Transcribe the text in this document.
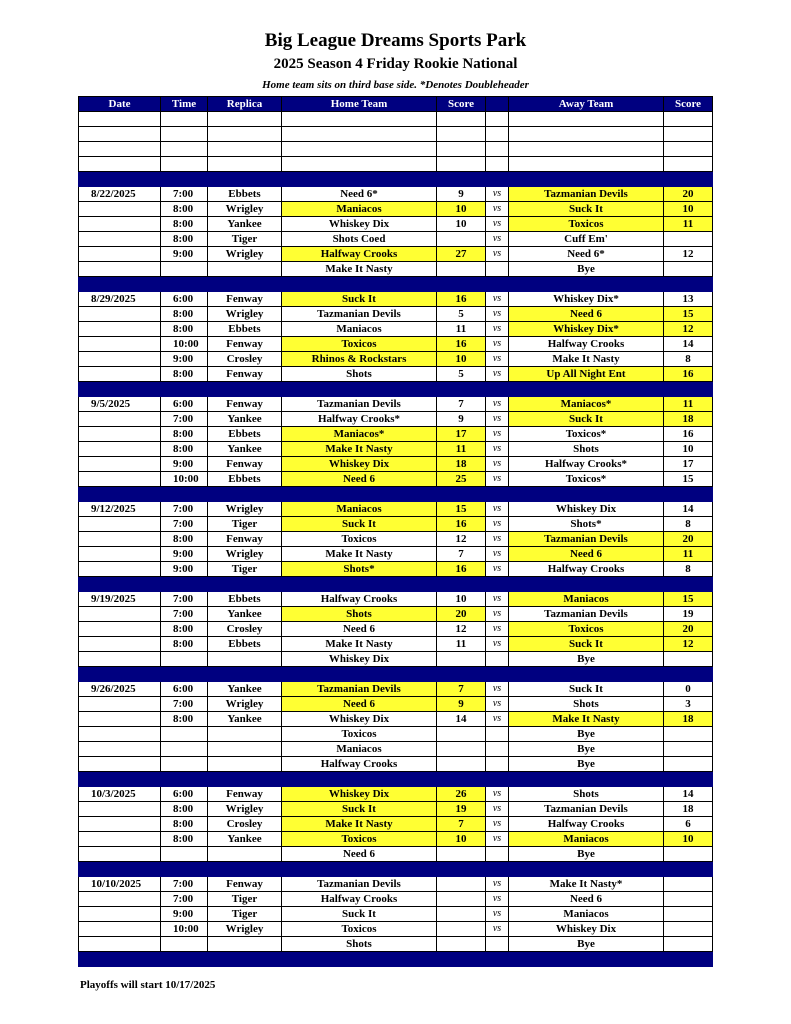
Big League Dreams Sports Park
2025 Season 4 Friday Rookie National
Home team sits on third base side. *Denotes Doubleheader
Date	Time	Replica	Home Team	Score		Away Team	Score

8/22/2025	7:00	Ebbets	Need 6*	9	vs	Tazmanian Devils	20
	8:00	Wrigley	Maniacos	10	vs	Suck It	10
	8:00	Yankee	Whiskey Dix	10	vs	Toxicos	11
	8:00	Tiger	Shots Coed		vs	Cuff Em'	
	9:00	Wrigley	Halfway Crooks	27	vs	Need 6*	12
			Make It Nasty			Bye	

8/29/2025	6:00	Fenway	Suck It	16	vs	Whiskey Dix*	13
	8:00	Wrigley	Tazmanian Devils	5	vs	Need 6	15
	8:00	Ebbets	Maniacos	11	vs	Whiskey Dix*	12
	10:00	Fenway	Toxicos	16	vs	Halfway Crooks	14
	9:00	Crosley	Rhinos & Rockstars	10	vs	Make It Nasty	8
	8:00	Fenway	Shots	5	vs	Up All Night Ent	16

9/5/2025	6:00	Fenway	Tazmanian Devils	7	vs	Maniacos*	11
	7:00	Yankee	Halfway Crooks*	9	vs	Suck It	18
	8:00	Ebbets	Maniacos*	17	vs	Toxicos*	16
	8:00	Yankee	Make It Nasty	11	vs	Shots	10
	9:00	Fenway	Whiskey Dix	18	vs	Halfway Crooks*	17
	10:00	Ebbets	Need 6	25	vs	Toxicos*	15

9/12/2025	7:00	Wrigley	Maniacos	15	vs	Whiskey Dix	14
	7:00	Tiger	Suck It	16	vs	Shots*	8
	8:00	Fenway	Toxicos	12	vs	Tazmanian Devils	20
	9:00	Wrigley	Make It Nasty	7	vs	Need 6	11
	9:00	Tiger	Shots*	16	vs	Halfway Crooks	8

9/19/2025	7:00	Ebbets	Halfway Crooks	10	vs	Maniacos	15
	7:00	Yankee	Shots	20	vs	Tazmanian Devils	19
	8:00	Crosley	Need 6	12	vs	Toxicos	20
	8:00	Ebbets	Make It Nasty	11	vs	Suck It	12
			Whiskey Dix			Bye	

9/26/2025	6:00	Yankee	Tazmanian Devils	7	vs	Suck It	0
	7:00	Wrigley	Need 6	9	vs	Shots	3
	8:00	Yankee	Whiskey Dix	14	vs	Make It Nasty	18
			Toxicos			Bye	
			Maniacos			Bye	
			Halfway Crooks			Bye	

10/3/2025	6:00	Fenway	Whiskey Dix	26	vs	Shots	14
	8:00	Wrigley	Suck It	19	vs	Tazmanian Devils	18
	8:00	Crosley	Make It Nasty	7	vs	Halfway Crooks	6
	8:00	Yankee	Toxicos	10	vs	Maniacos	10
			Need 6			Bye	

10/10/2025	7:00	Fenway	Tazmanian Devils		vs	Make It Nasty*	
	7:00	Tiger	Halfway Crooks		vs	Need 6	
	9:00	Tiger	Suck It		vs	Maniacos	
	10:00	Wrigley	Toxicos		vs	Whiskey Dix	
			Shots			Bye	

Playoffs will start 10/17/2025
